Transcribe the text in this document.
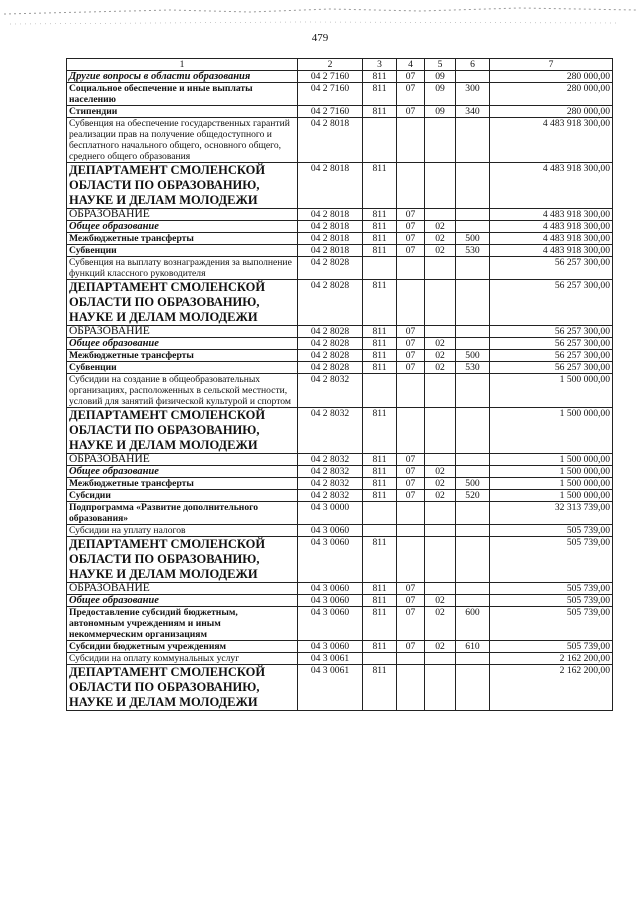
479
1	2	3	4	5	6	7
Другие вопросы в области образования	04 2 7160	811	07	09		280 000,00
Социальное обеспечение и иные выплаты населению	04 2 7160	811	07	09	300	280 000,00
Стипендии	04 2 7160	811	07	09	340	280 000,00
Субвенция на обеспечение государственных гарантий реализации прав на получение общедоступного и бесплатного начального общего, основного общего, среднего общего образования	04 2 8018					4 483 918 300,00
ДЕПАРТАМЕНТ СМОЛЕНСКОЙ ОБЛАСТИ ПО ОБРАЗОВАНИЮ, НАУКЕ И ДЕЛАМ МОЛОДЕЖИ	04 2 8018	811				4 483 918 300,00
ОБРАЗОВАНИЕ	04 2 8018	811	07			4 483 918 300,00
Общее образование	04 2 8018	811	07	02		4 483 918 300,00
Межбюджетные трансферты	04 2 8018	811	07	02	500	4 483 918 300,00
Субвенции	04 2 8018	811	07	02	530	4 483 918 300,00
Субвенция на выплату вознаграждения за выполнение функций классного руководителя	04 2 8028					56 257 300,00
ДЕПАРТАМЕНТ СМОЛЕНСКОЙ ОБЛАСТИ ПО ОБРАЗОВАНИЮ, НАУКЕ И ДЕЛАМ МОЛОДЕЖИ	04 2 8028	811				56 257 300,00
ОБРАЗОВАНИЕ	04 2 8028	811	07			56 257 300,00
Общее образование	04 2 8028	811	07	02		56 257 300,00
Межбюджетные трансферты	04 2 8028	811	07	02	500	56 257 300,00
Субвенции	04 2 8028	811	07	02	530	56 257 300,00
Субсидии на создание в общеобразовательных организациях, расположенных в сельской местности, условий для занятий физической культурой и спортом	04 2 8032					1 500 000,00
ДЕПАРТАМЕНТ СМОЛЕНСКОЙ ОБЛАСТИ ПО ОБРАЗОВАНИЮ, НАУКЕ И ДЕЛАМ МОЛОДЕЖИ	04 2 8032	811				1 500 000,00
ОБРАЗОВАНИЕ	04 2 8032	811	07			1 500 000,00
Общее образование	04 2 8032	811	07	02		1 500 000,00
Межбюджетные трансферты	04 2 8032	811	07	02	500	1 500 000,00
Субсидии	04 2 8032	811	07	02	520	1 500 000,00
Подпрограмма «Развитие дополнительного образования»	04 3 0000					32 313 739,00
Субсидии на уплату налогов	04 3 0060					505 739,00
ДЕПАРТАМЕНТ СМОЛЕНСКОЙ ОБЛАСТИ ПО ОБРАЗОВАНИЮ, НАУКЕ И ДЕЛАМ МОЛОДЕЖИ	04 3 0060	811				505 739,00
ОБРАЗОВАНИЕ	04 3 0060	811	07			505 739,00
Общее образование	04 3 0060	811	07	02		505 739,00
Предоставление субсидий бюджетным, автономным учреждениям и иным некоммерческим организациям	04 3 0060	811	07	02	600	505 739,00
Субсидии бюджетным учреждениям	04 3 0060	811	07	02	610	505 739,00
Субсидии на оплату коммунальных услуг	04 3 0061					2 162 200,00
ДЕПАРТАМЕНТ СМОЛЕНСКОЙ ОБЛАСТИ ПО ОБРАЗОВАНИЮ, НАУКЕ И ДЕЛАМ МОЛОДЕЖИ	04 3 0061	811				2 162 200,00
